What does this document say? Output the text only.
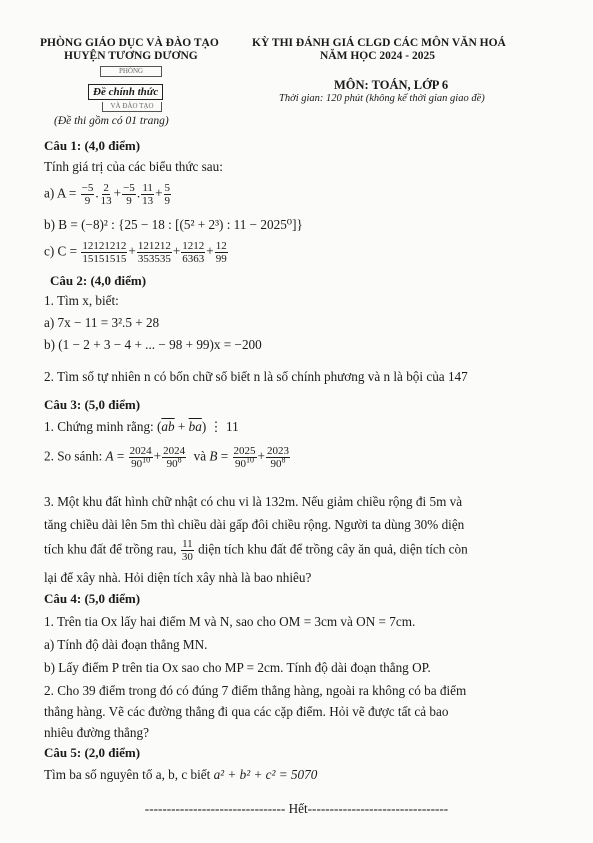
PHÒNG GIÁO DỤC VÀ ĐÀO TẠO
HUYỆN TƯƠNG DƯƠNG
KỲ THI ĐÁNH GIÁ CLGD CÁC MÔN VĂN HOÁ
NĂM HỌC 2024 - 2025
PHÒNG
Đề chính thức
VÀ ĐÀO TẠO
(Đề thi gồm có 01 trang)
MÔN: TOÁN, LỚP 6
Thời gian: 120 phút (không kể thời gian giao đề)
Câu 1: (4,0 điểm)
Tính giá trị của các biểu thức sau:
a) $A = \frac{-5}{9}$ . $\frac{2}{13} + \frac{-5}{9}$ . $\frac{11}{13} + \frac{5}{9}$
b) B = (−8)² : {25 − 18 : [(5² + 2³) : 11 − 2025⁰]}
c) $C = \frac{12121212}{15151515} + \frac{121212}{353535} + \frac{1212}{6363} + \frac{12}{99}$
Câu 2: (4,0 điểm)
1. Tìm x, biết:
a) 7x − 11 = 3².5 + 28
b) (1 − 2 + 3 − 4 + ... − 98 + 99)x = −200
2. Tìm số tự nhiên n có bốn chữ số biết n là số chính phương và n là bội của 147
Câu 3: (5,0 điểm)
1. Chứng minh rằng: $(\overline{ab} + \overline{ba})$ ⋮ 11
2. So sánh: $A = \frac{2024}{90^{10}} + \frac{2024}{90^8}$ và $B = \frac{2025}{90^{10}} + \frac{2023}{90^8}$
3. Một khu đất hình chữ nhật có chu vi là 132m. Nếu giảm chiều rộng đi 5m và
tăng chiều dài lên 5m thì chiều dài gấp đôi chiều rộng. Người ta dùng 30% diện
tích khu đất để trồng rau, $\frac{11}{30}$ diện tích khu đất để trồng cây ăn quả, diện tích còn
lại để xây nhà. Hỏi diện tích xây nhà là bao nhiêu?
Câu 4: (5,0 điểm)
1. Trên tia Ox lấy hai điểm M và N, sao cho OM = 3cm và ON = 7cm.
a) Tính độ dài đoạn thẳng MN.
b) Lấy điểm P trên tia Ox sao cho MP = 2cm. Tính độ dài đoạn thẳng OP.
2. Cho 39 điểm trong đó có đúng 7 điểm thẳng hàng, ngoài ra không có ba điểm
thẳng hàng. Vẽ các đường thẳng đi qua các cặp điểm. Hỏi vẽ được tất cả bao
nhiêu đường thẳng?
Câu 5: (2,0 điểm)
Tìm ba số nguyên tố a, b, c biết a² + b² + c² = 5070
-------------------------------- Hết--------------------------------
